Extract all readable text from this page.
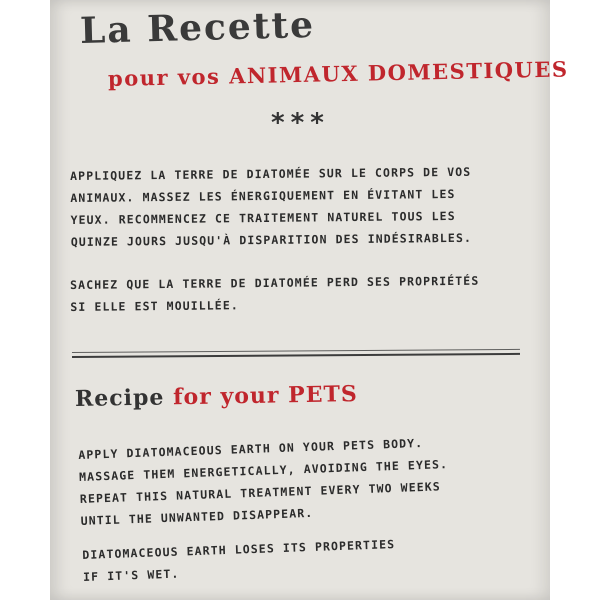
La Recette
pour vos ANIMAUX DOMESTIQUES
***

APPLIQUEZ LA TERRE DE DIATOMÉE SUR LE CORPS DE VOS
ANIMAUX. MASSEZ LES ÉNERGIQUEMENT EN ÉVITANT LES
YEUX. RECOMMENCEZ CE TRAITEMENT NATUREL TOUS LES
QUINZE JOURS JUSQU'À DISPARITION DES INDÉSIRABLES.

SACHEZ QUE LA TERRE DE DIATOMÉE PERD SES PROPRIÉTÉS
SI ELLE EST MOUILLÉE.

Recipe for your PETS

APPLY DIATOMACEOUS EARTH ON YOUR PETS BODY.
MASSAGE THEM ENERGETICALLY, AVOIDING THE EYES.
REPEAT THIS NATURAL TREATMENT EVERY TWO WEEKS
UNTIL THE UNWANTED DISAPPEAR.

DIATOMACEOUS EARTH LOSES ITS PROPERTIES
IF IT'S WET.
